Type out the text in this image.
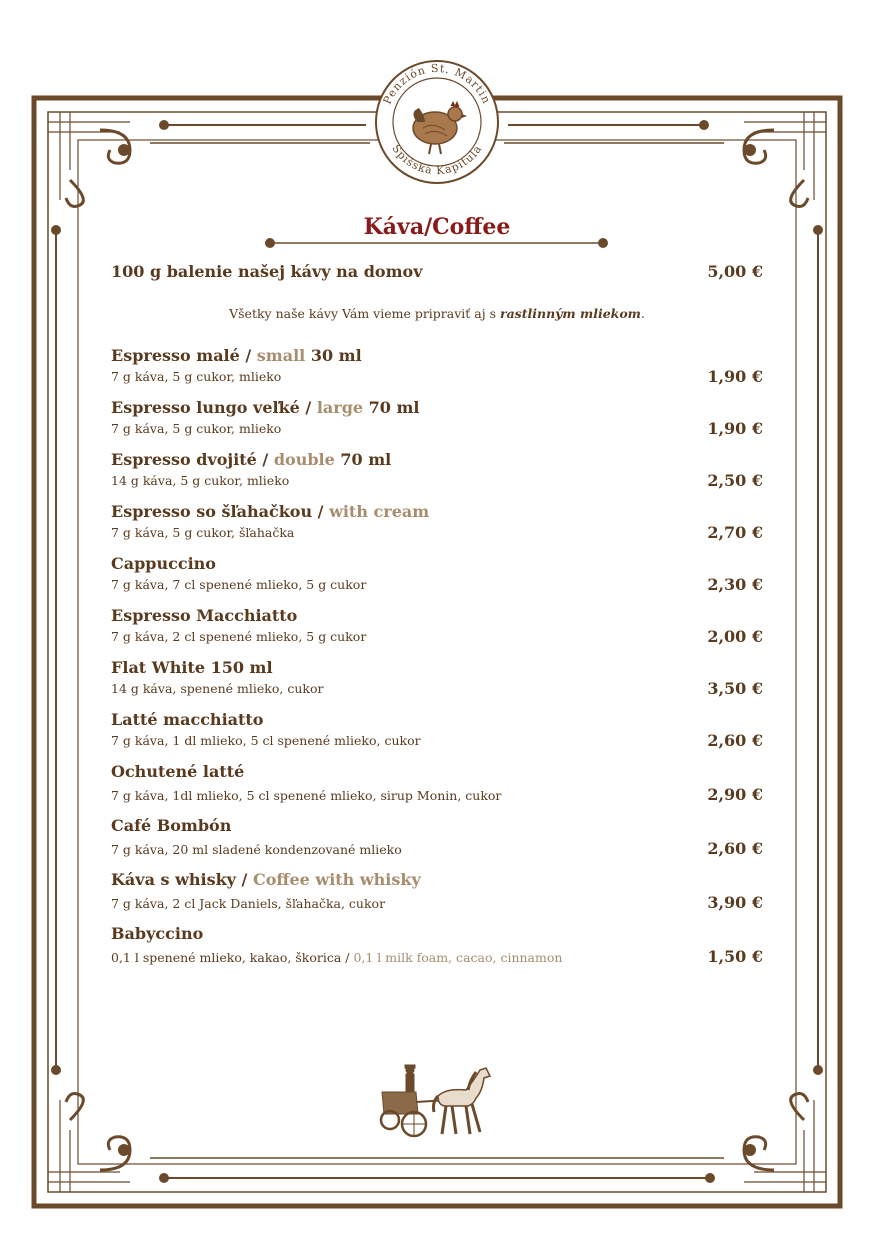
Penzión St. Martin
Spišská Kapitula
Káva/Coffee
100 g balenie našej kávy na domov	5,00 €
Všetky naše kávy Vám vieme pripraviť aj s rastlinným mliekom.
Espresso malé / small 30 ml
7 g káva, 5 g cukor, mlieko	1,90 €
Espresso lungo veľké / large 70 ml
7 g káva, 5 g cukor, mlieko	1,90 €
Espresso dvojité / double 70 ml
14 g káva, 5 g cukor, mlieko	2,50 €
Espresso so šľahačkou / with cream
7 g káva, 5 g cukor, šľahačka	2,70 €
Cappuccino
7 g káva, 7 cl spenené mlieko, 5 g cukor	2,30 €
Espresso Macchiatto
7 g káva, 2 cl spenené mlieko, 5 g cukor	2,00 €
Flat White 150 ml
14 g káva, spenené mlieko, cukor	3,50 €
Latté macchiatto
7 g káva, 1 dl mlieko, 5 cl spenené mlieko, cukor	2,60 €
Ochutené latté
7 g káva, 1dl mlieko, 5 cl spenené mlieko, sirup Monin, cukor	2,90 €
Café Bombón
7 g káva, 20 ml sladené kondenzované mlieko	2,60 €
Káva s whisky / Coffee with whisky
7 g káva, 2 cl Jack Daniels, šľahačka, cukor	3,90 €
Babyccino
0,1 l spenené mlieko, kakao, škorica / 0,1 l milk foam, cacao, cinnamon	1,50 €
